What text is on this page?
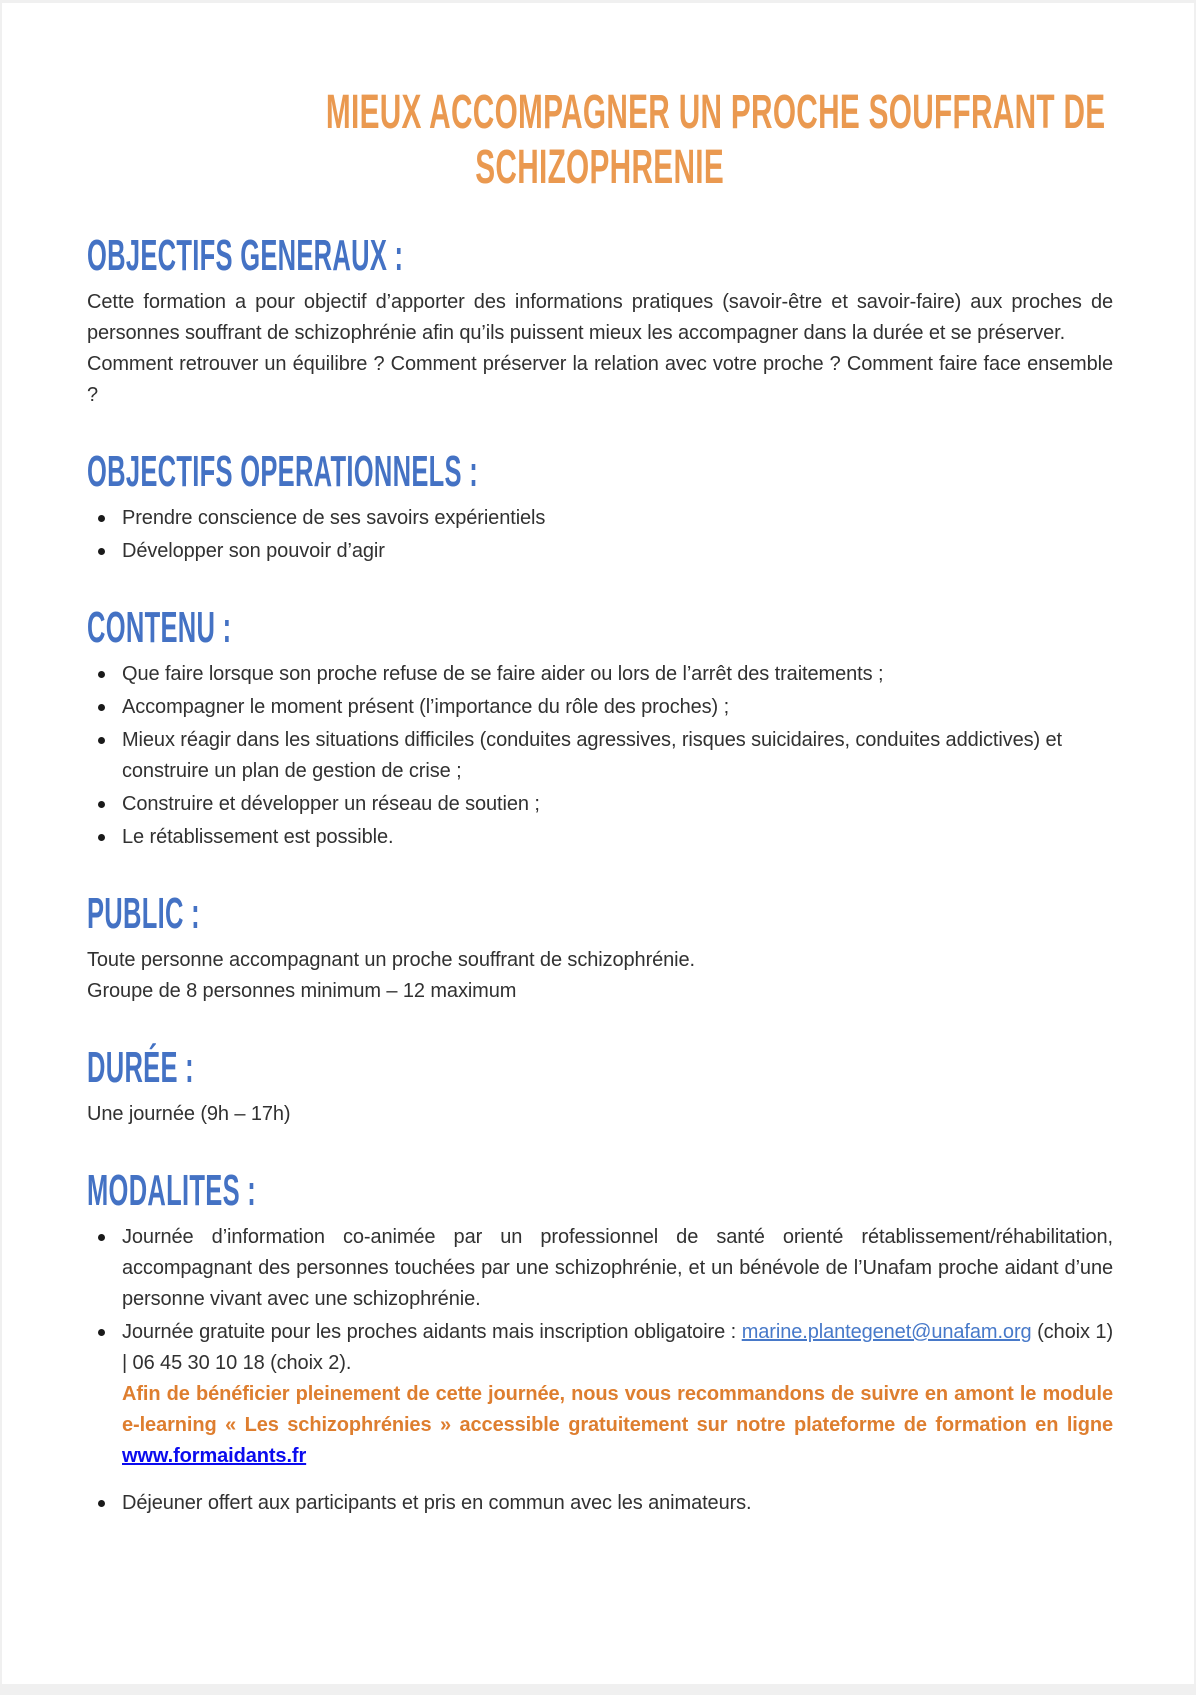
MIEUX ACCOMPAGNER UN PROCHE SOUFFRANT DE
SCHIZOPHRENIE
OBJECTIFS GENERAUX :

Cette formation a pour objectif d’apporter des informations pratiques (savoir-être et savoir-faire) aux proches de personnes souffrant de schizophrénie afin qu’ils puissent mieux les accompagner dans la durée et se préserver.

Comment retrouver un équilibre ? Comment préserver la relation avec votre proche ? Comment faire face ensemble ?

OBJECTIFS OPERATIONNELS :
Prendre conscience de ses savoirs expérientiels
Développer son pouvoir d’agir
CONTENU :
Que faire lorsque son proche refuse de se faire aider ou lors de l’arrêt des traitements ;
Accompagner le moment présent (l’importance du rôle des proches) ;
Mieux réagir dans les situations difficiles (conduites agressives, risques suicidaires, conduites addictives) et construire un plan de gestion de crise ;
Construire et développer un réseau de soutien ;
Le rétablissement est possible.
PUBLIC :

Toute personne accompagnant un proche souffrant de schizophrénie.

Groupe de 8 personnes minimum – 12 maximum

DURÉE :

Une journée (9h – 17h)

MODALITES :
Journée d’information co-animée par un professionnel de santé orienté rétablissement/réhabilitation, accompagnant des personnes touchées par une schizophrénie, et un bénévole de l’Unafam proche aidant d’une personne vivant avec une schizophrénie.
Journée gratuite pour les proches aidants mais inscription obligatoire : marine.plantegenet@unafam.org (choix 1) | 06 45 30 10 18 (choix 2).
Afin de bénéficier pleinement de cette journée, nous vous recommandons de suivre en amont le module e-learning « Les schizophrénies » accessible gratuitement sur notre plateforme de formation en ligne www.formaidants.fr
Déjeuner offert aux participants et pris en commun avec les animateurs.
